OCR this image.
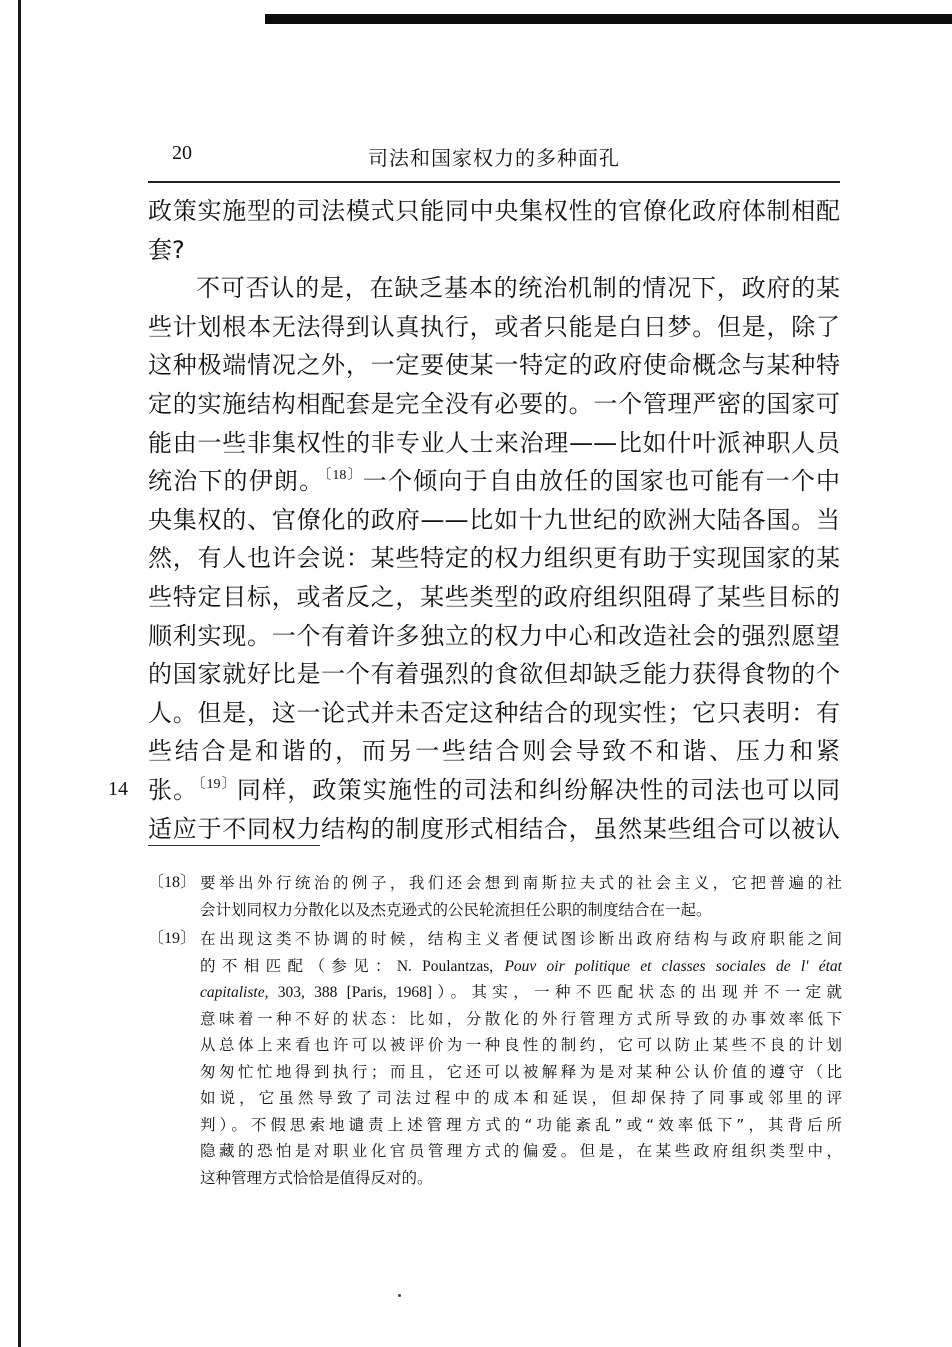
20	司法和国家权力的多种面孔
政策实施型的司法模式只能同中央集权性的官僚化政府体制相配
套?
不可否认的是，在缺乏基本的统治机制的情况下，政府的某
些计划根本无法得到认真执行，或者只能是白日梦。但是，除了
这种极端情况之外，一定要使某一特定的政府使命概念与某种特
定的实施结构相配套是完全没有必要的。一个管理严密的国家可
能由一些非集权性的非专业人士来治理——比如什叶派神职人员
统治下的伊朗。$^{〔18〕}$一个倾向于自由放任的国家也可能有一个中
央集权的、官僚化的政府——比如十九世纪的欧洲大陆各国。当
然，有人也许会说：某些特定的权力组织更有助于实现国家的某
些特定目标，或者反之，某些类型的政府组织阻碍了某些目标的
顺利实现。一个有着许多独立的权力中心和改造社会的强烈愿望
的国家就好比是一个有着强烈的食欲但却缺乏能力获得食物的个
人。但是，这一论式并未否定这种结合的现实性；它只表明：有
些结合是和谐的，而另一些结合则会导致不和谐、压力和紧
张。$^{〔19〕}$同样，政策实施性的司法和纠纷解决性的司法也可以同
适应于不同权力结构的制度形式相结合，虽然某些组合可以被认
14
〔18〕 要举出外行统治的例子，我们还会想到南斯拉夫式的社会主义，它把普遍的社
会计划同权力分散化以及杰克逊式的公民轮流担任公职的制度结合在一起。
〔19〕 在出现这类不协调的时候，结构主义者便试图诊断出政府结构与政府职能之间
的不相匹配（参见：N. Poulantzas, Pouv oir politique et classes sociales de l' état
capitaliste, 303, 388 [Paris, 1968]）。其实，一种不匹配状态的出现并不一定就
意味着一种不好的状态：比如，分散化的外行管理方式所导致的办事效率低下
从总体上来看也许可以被评价为一种良性的制约，它可以防止某些不良的计划
匆匆忙忙地得到执行；而且，它还可以被解释为是对某种公认价值的遵守（比
如说，它虽然导致了司法过程中的成本和延误，但却保持了同事或邻里的评
判）。不假思索地谴责上述管理方式的“功能紊乱”或“效率低下”，其背后所
隐藏的恐怕是对职业化官员管理方式的偏爱。但是，在某些政府组织类型中，
这种管理方式恰恰是值得反对的。
